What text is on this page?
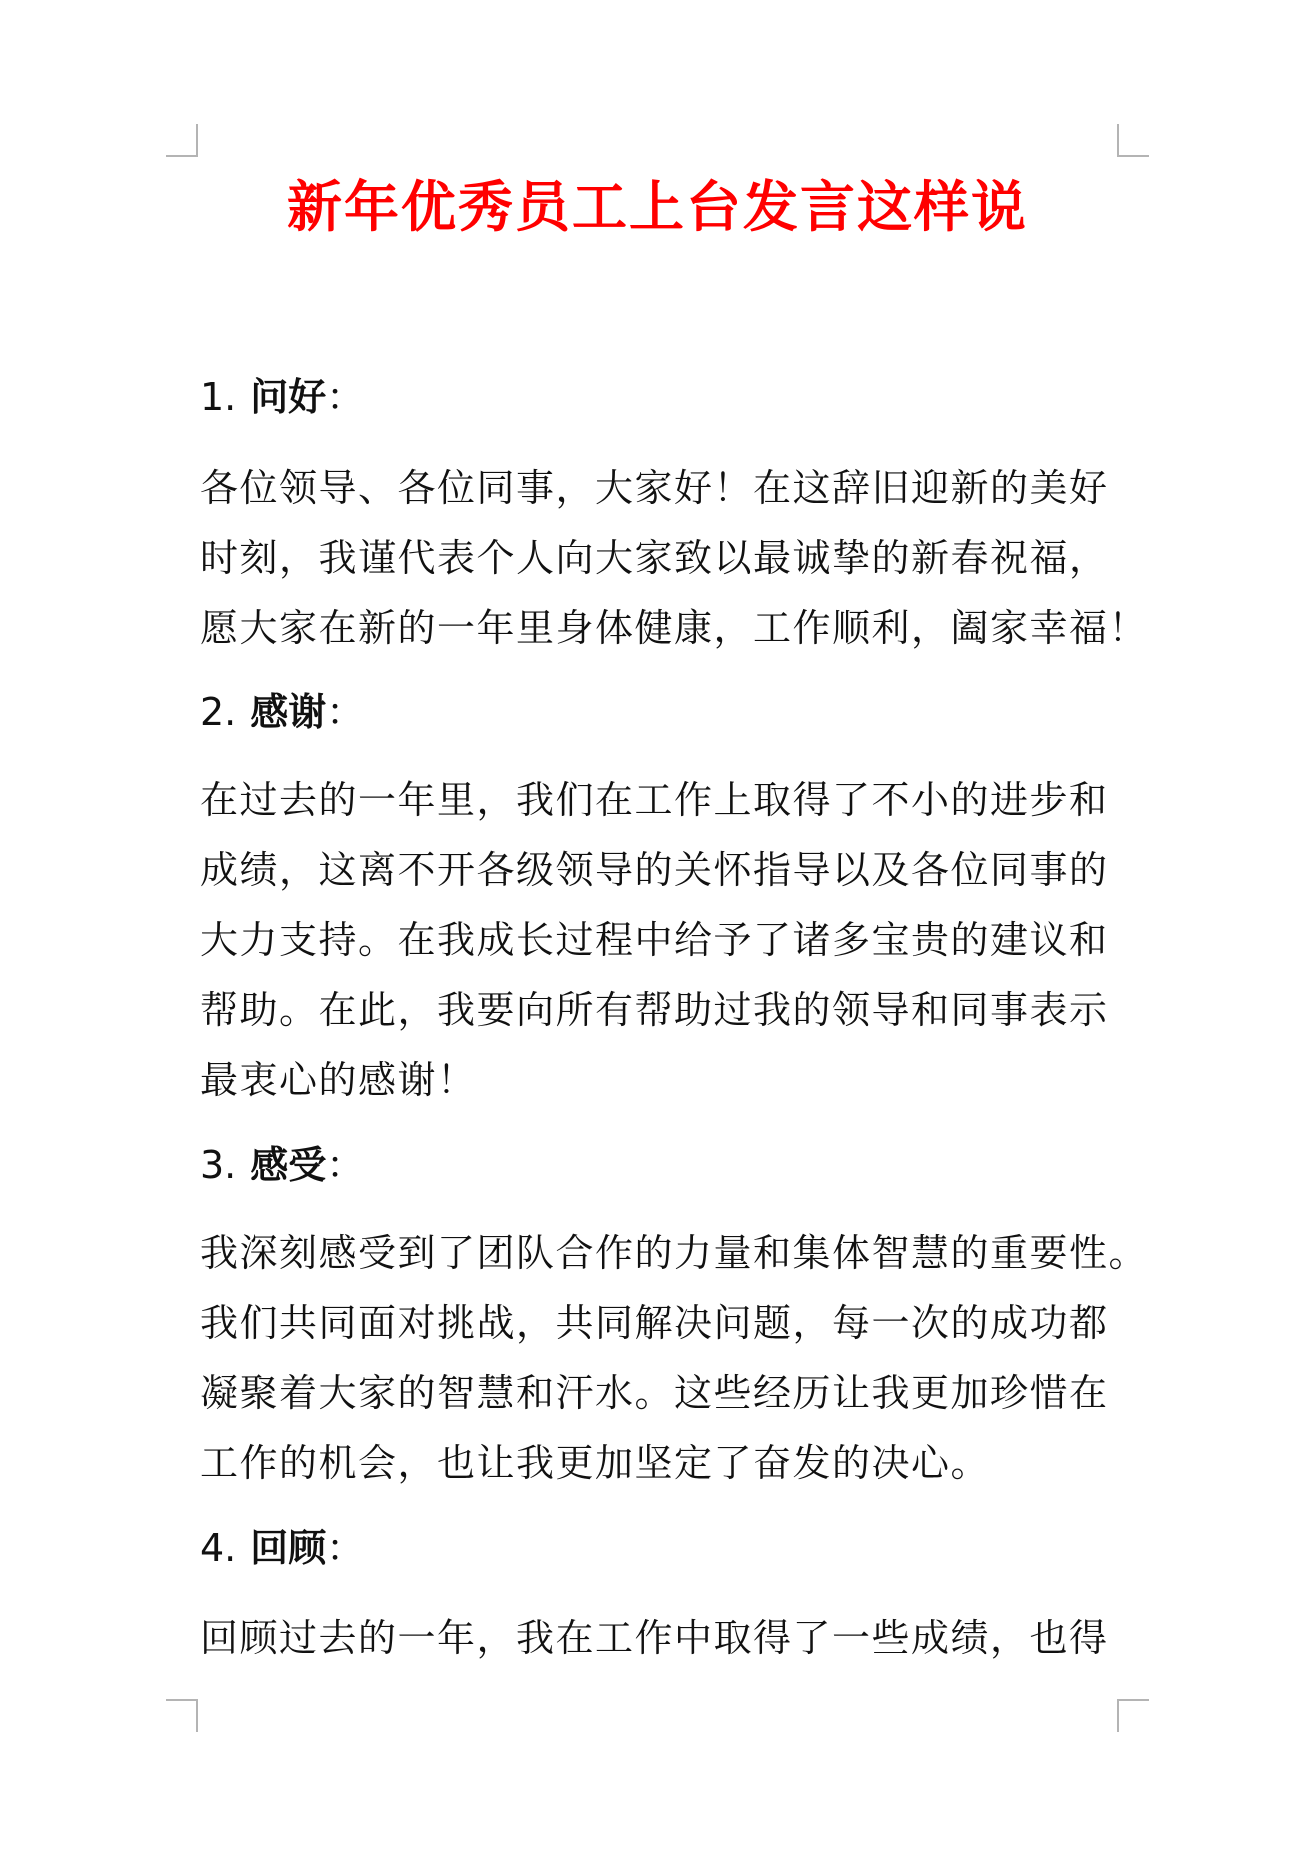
新年优秀员工上台发言这样说
1. 问好：
各位领导、各位同事，大家好！在这辞旧迎新的美好
时刻，我谨代表个人向大家致以最诚挚的新春祝福，
愿大家在新的一年里身体健康，工作顺利，阖家幸福！
2. 感谢：
在过去的一年里，我们在工作上取得了不小的进步和
成绩，这离不开各级领导的关怀指导以及各位同事的
大力支持。在我成长过程中给予了诸多宝贵的建议和
帮助。在此，我要向所有帮助过我的领导和同事表示
最衷心的感谢！
3. 感受：
我深刻感受到了团队合作的力量和集体智慧的重要性。
我们共同面对挑战，共同解决问题，每一次的成功都
凝聚着大家的智慧和汗水。这些经历让我更加珍惜在
工作的机会，也让我更加坚定了奋发的决心。
4. 回顾：
回顾过去的一年，我在工作中取得了一些成绩，也得
